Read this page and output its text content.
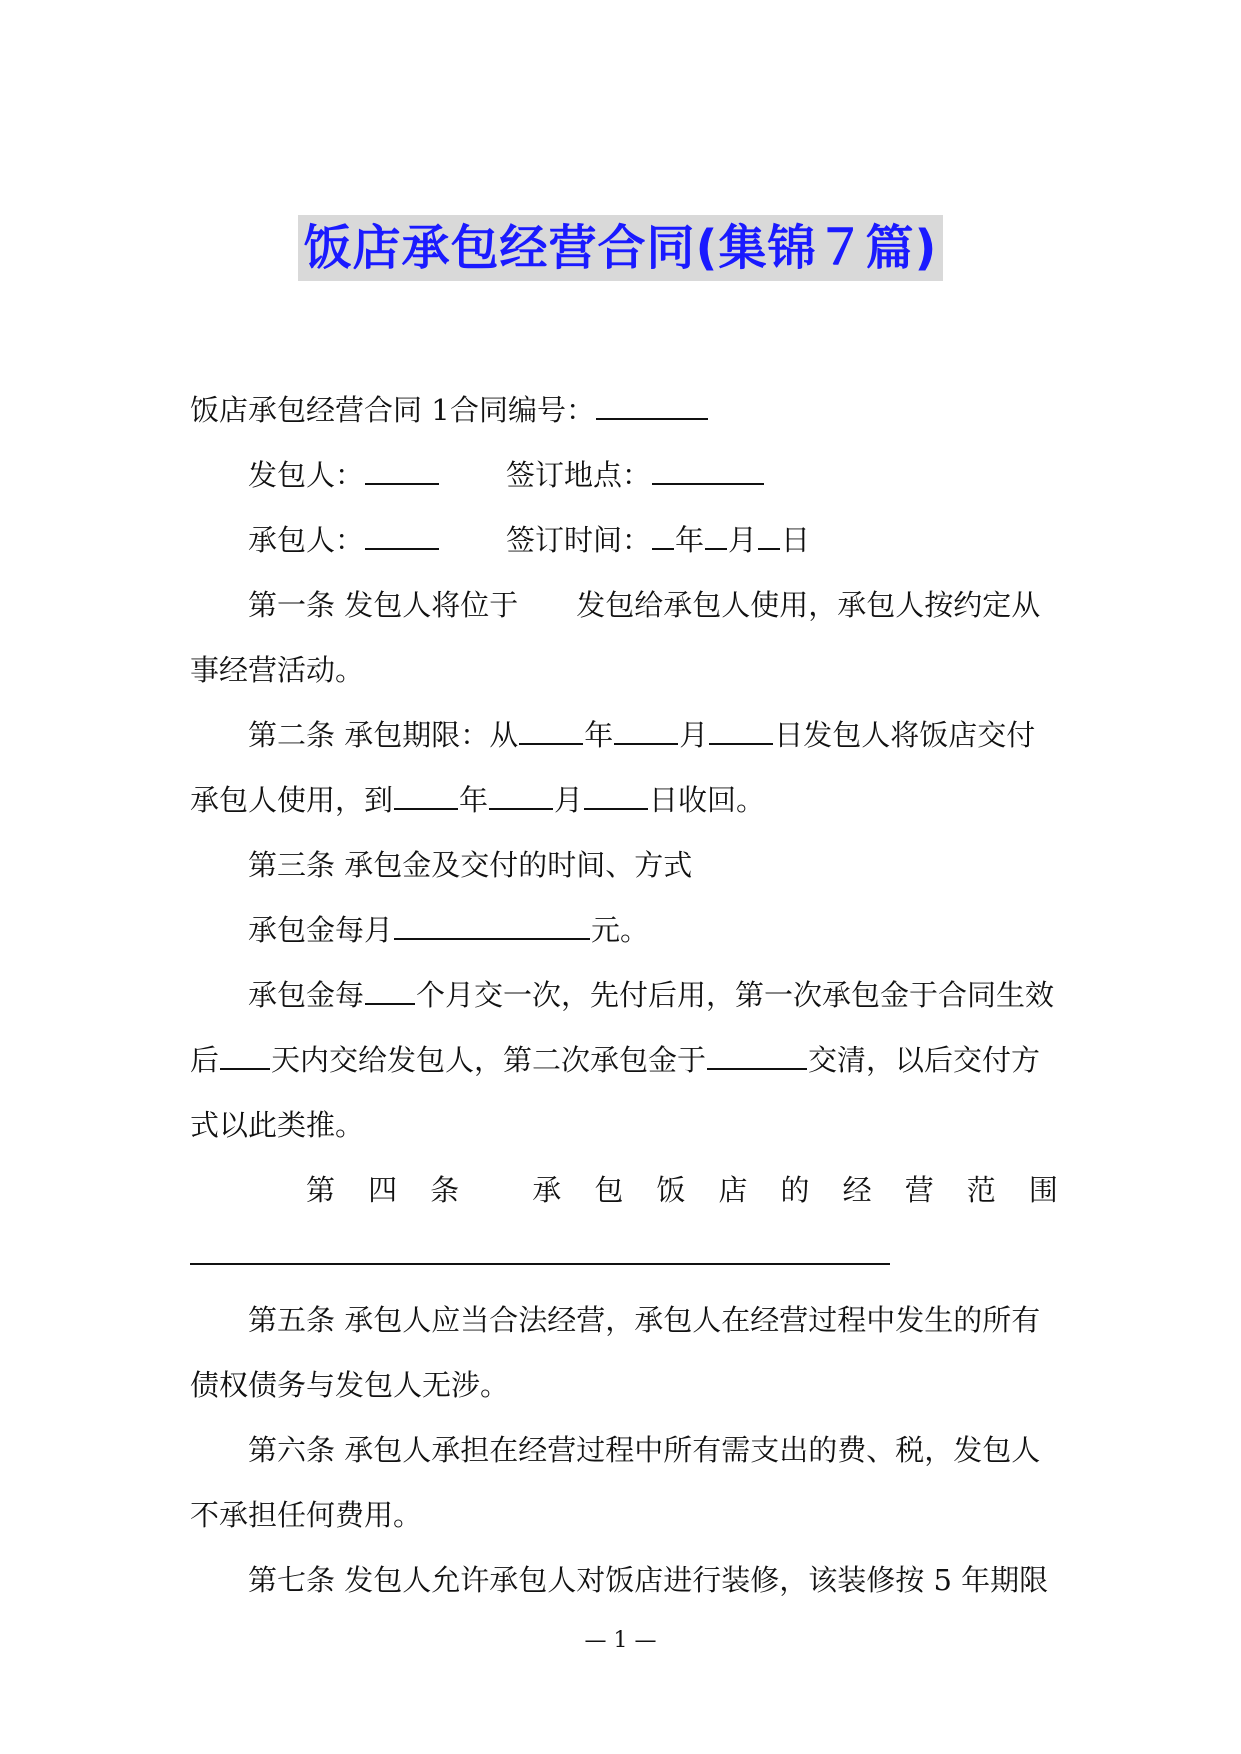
饭店承包经营合同(集锦７篇)
饭店承包经营合同 1 合同编号：
发包人：	签订地点：
承包人：	签订时间： 年 月 日
第一条 发包人将位于 发包给承包人使用，承包人按约定从
事经营活动。
第二条 承包期限：从 年 月 日发包人将饭店交付
承包人使用，到 年 月 日收回。
第三条 承包金及交付的时间、方式
承包金每月	元。
承包金每 个月交一次，先付后用，第一次承包金于合同生效
后 天内交给发包人，第二次承包金于	交清，以后交付方
式以此类推。
第 四 条	承 包 饭 店 的 经 营 范 围
第五条 承包人应当合法经营，承包人在经营过程中发生的所有
债权债务与发包人无涉。
第六条 承包人承担在经营过程中所有需支出的费、税，发包人
不承担任何费用。
第七条 发包人允许承包人对饭店进行装修，该装修按 5 年期限
— 1 —
